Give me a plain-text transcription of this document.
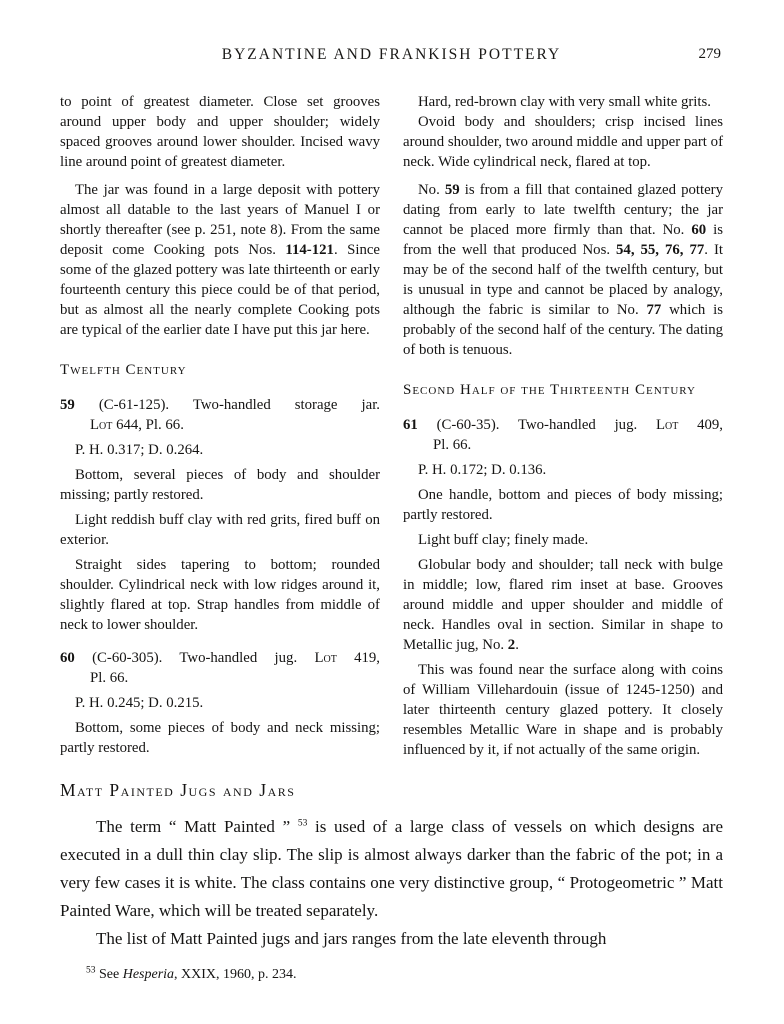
BYZANTINE AND FRANKISH POTTERY	279

to point of greatest diameter. Close set grooves around upper body and upper shoulder; widely spaced grooves around lower shoulder. Incised wavy line around point of greatest diameter.

The jar was found in a large deposit with pottery almost all datable to the last years of Manuel I or shortly thereafter (see p. 251, note 8). From the same deposit come Cooking pots Nos. 114-121. Since some of the glazed pottery was late thirteenth or early fourteenth century this piece could be of that period, but as almost all the nearly complete Cooking pots are typical of the earlier date I have put this jar here.

Twelfth Century

59 (C-61-125). Two-handled storage jar.
Lot 644, Pl. 66.

P. H. 0.317; D. 0.264.

Bottom, several pieces of body and shoulder missing; partly restored.

Light reddish buff clay with red grits, fired buff on exterior.

Straight sides tapering to bottom; rounded shoulder. Cylindrical neck with low ridges around it, slightly flared at top. Strap handles from middle of neck to lower shoulder.

60 (C-60-305). Two-handled jug. Lot 419,
Pl. 66.

P. H. 0.245; D. 0.215.

Bottom, some pieces of body and neck missing; partly restored.

Hard, red-brown clay with very small white grits.

Ovoid body and shoulders; crisp incised lines around shoulder, two around middle and upper part of neck. Wide cylindrical neck, flared at top.

No. 59 is from a fill that contained glazed pottery dating from early to late twelfth century; the jar cannot be placed more firmly than that. No. 60 is from the well that produced Nos. 54, 55, 76, 77. It may be of the second half of the twelfth century, but is unusual in type and cannot be placed by analogy, although the fabric is similar to No. 77 which is probably of the second half of the century. The dating of both is tenuous.

Second Half of the Thirteenth Century

61 (C-60-35). Two-handled jug. Lot 409,
Pl. 66.

P. H. 0.172; D. 0.136.

One handle, bottom and pieces of body missing; partly restored.

Light buff clay; finely made.

Globular body and shoulder; tall neck with bulge in middle; low, flared rim inset at base. Grooves around middle and upper shoulder and middle of neck. Handles oval in section. Similar in shape to Metallic jug, No. 2.

This was found near the surface along with coins of William Villehardouin (issue of 1245-1250) and later thirteenth century glazed pottery. It closely resembles Metallic Ware in shape and is probably influenced by it, if not actually of the same origin.

Matt Painted Jugs and Jars

The term “ Matt Painted ” $^{53}$ is used of a large class of vessels on which designs are executed in a dull thin clay slip. The slip is almost always darker than the fabric of the pot; in a very few cases it is white. The class contains one very distinctive group, “ Protogeometric ” Matt Painted Ware, which will be treated separately.

The list of Matt Painted jugs and jars ranges from the late eleventh through

$^{53}$ See Hesperia, XXIX, 1960, p. 234.
